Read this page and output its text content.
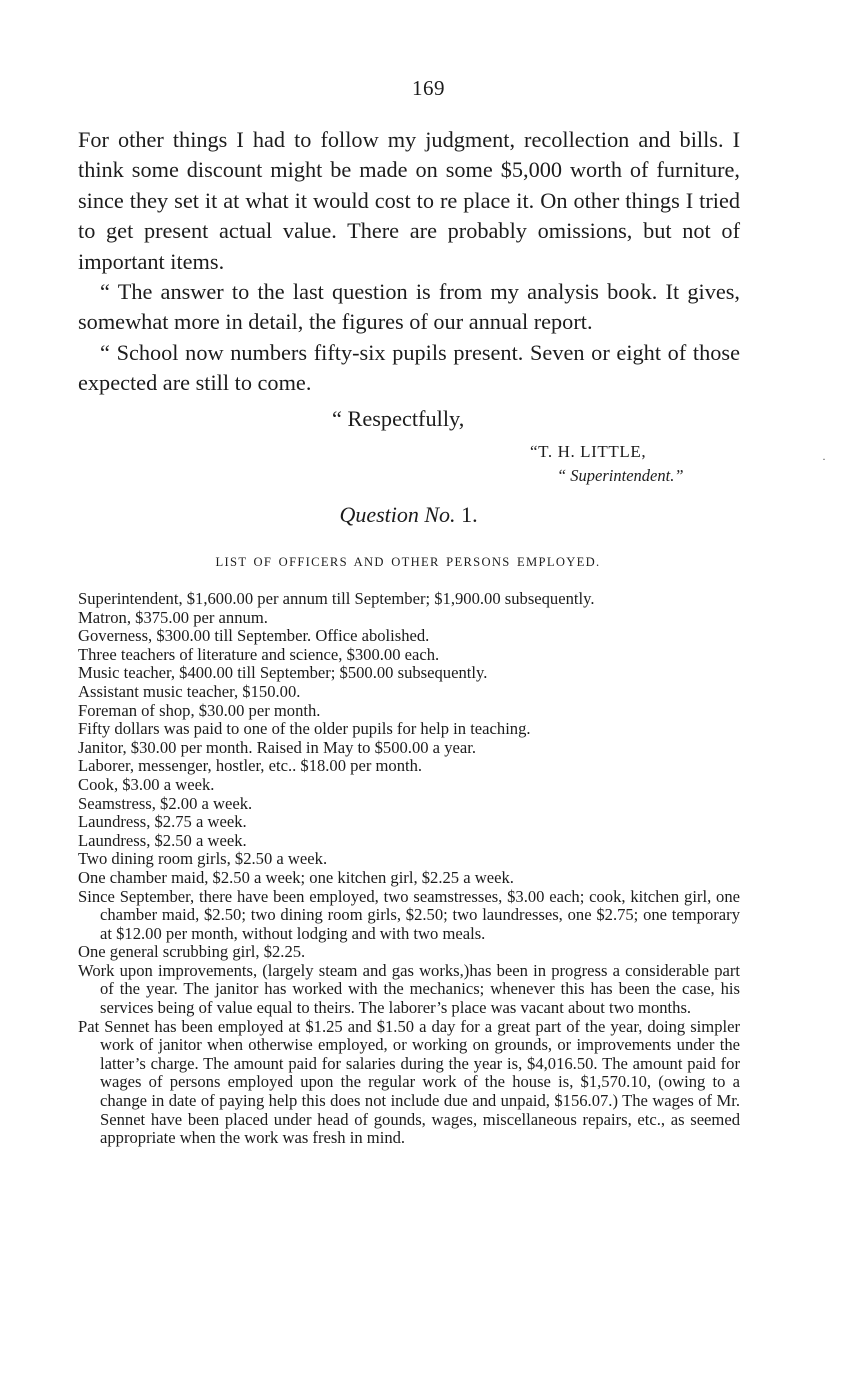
169

For other things I had to follow my judgment, recollection and bills. I think some discount might be made on some $5,000 worth of furniture, since they set it at what it would cost to re place it. On other things I tried to get present actual value. There are probably omissions, but not of important items.

“ The answer to the last question is from my analysis book. It gives, somewhat more in detail, the figures of our annual report.

“ School now numbers fifty-six pupils present. Seven or eight of those expected are still to come.

“ Respectfully,
“T. H. LITTLE,
“ Superintendent.”
Question No. 1.
LIST OF OFFICERS AND OTHER PERSONS EMPLOYED.

Superintendent, $1,600.00 per annum till September; $1,900.00 subsequently.

Matron, $375.00 per annum.

Governess, $300.00 till September. Office abolished.

Three teachers of literature and science, $300.00 each.

Music teacher, $400.00 till September; $500.00 subsequently.

Assistant music teacher, $150.00.

Foreman of shop, $30.00 per month.

Fifty dollars was paid to one of the older pupils for help in teaching.

Janitor, $30.00 per month. Raised in May to $500.00 a year.

Laborer, messenger, hostler, etc.. $18.00 per month.

Cook, $3.00 a week.

Seamstress, $2.00 a week.

Laundress, $2.75 a week.

Laundress, $2.50 a week.

Two dining room girls, $2.50 a week.

One chamber maid, $2.50 a week; one kitchen girl, $2.25 a week.

Since September, there have been employed, two seamstresses, $3.00 each; cook, kitchen girl, one chamber maid, $2.50; two dining room girls, $2.50; two laundresses, one $2.75; one temporary at $12.00 per month, without lodging and with two meals.

One general scrubbing girl, $2.25.

Work upon improvements, (largely steam and gas works,)has been in progress a considerable part of the year. The janitor has worked with the mechanics; whenever this has been the case, his services being of value equal to theirs. The laborer’s place was vacant about two months.

Pat Sennet has been employed at $1.25 and $1.50 a day for a great part of the year, doing simpler work of janitor when otherwise employed, or working on grounds, or improvements under the latter’s charge. The amount paid for salaries during the year is, $4,016.50. The amount paid for wages of persons employed upon the regular work of the house is, $1,570.10, (owing to a change in date of paying help this does not include due and unpaid, $156.07.) The wages of Mr. Sennet have been placed under head of gounds, wages, miscellaneous repairs, etc., as seemed appropriate when the work was fresh in mind.

·
